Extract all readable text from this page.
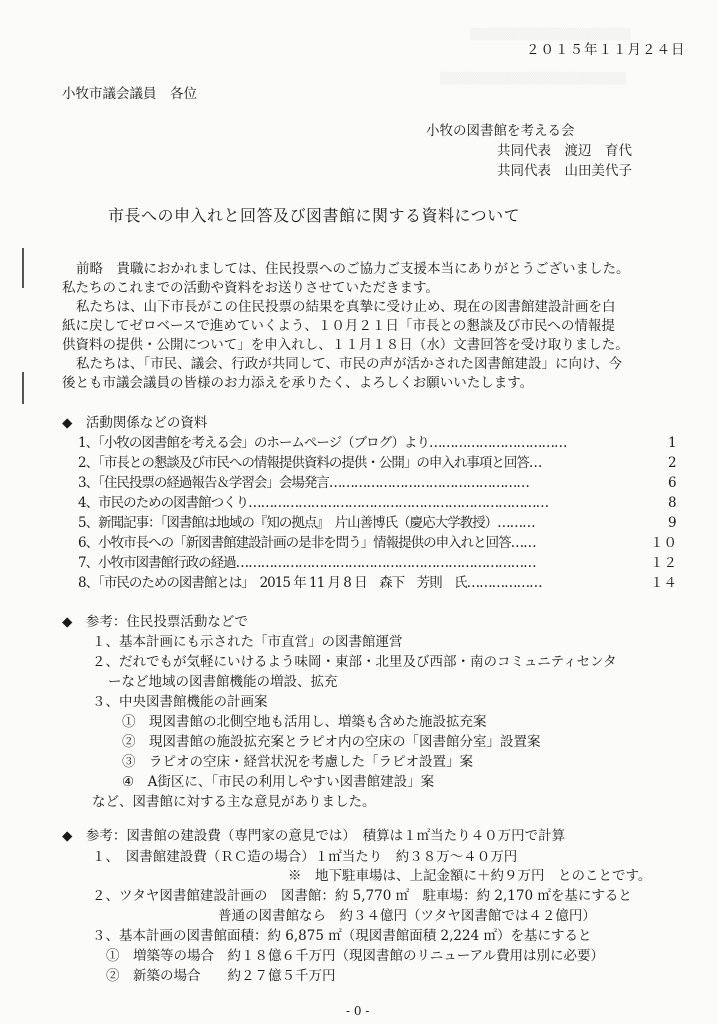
▒▒▒▒▒▒▒▒▒▒▒▒▒▒▒▒▒▒▒
▒▒▒▒▒▒▒▒▒▒▒▒▒▒▒▒▒▒▒▒▒▒
２０１５年１１月２４日
小牧市議会議員　各位
小牧の図書館を考える会
共同代表　渡辺　育代
共同代表　山田美代子
市長への申入れと回答及び図書館に関する資料について
前略　貴職におかれましては、住民投票へのご協力ご支援本当にありがとうございました。
私たちのこれまでの活動や資料をお送りさせていただきます。
私たちは、山下市長がこの住民投票の結果を真摯に受け止め、現在の図書館建設計画を白
紙に戻してゼロベースで進めていくよう、１０月２１日「市長との懇談及び市民への情報提
供資料の提供・公開について」を申入れし、１１月１８日（水）文書回答を受け取りました。
私たちは、「市民、議会、行政が共同して、市民の声が活かされた図書館建設」に向け、今
後とも市議会議員の皆様のお力添えを承りたく、よろしくお願いいたします。
◆　活動関係などの資料
1、「小牧の図書館を考える会」のホームページ（ブログ）より……………………………	1
2、「市長との懇談及び市民への情報提供資料の提供・公開」の申入れ事項と回答…	2
3、「住民投票の経過報告＆学習会」会場発言…………………………………………	6
4、市民のための図書館つくり………………………………………………………………	8
5、新聞記事：「図書館は地域の『知の拠点』　片山善博氏（慶応大学教授）………	9
6、小牧市長への「新図書館建設計画の是非を問う」情報提供の申入れと回答……	１０
7、小牧市図書館行政の経過………………………………………………………………	１２
8、「市民のための図書館とは」　2015 年 11 月 8 日　森下　芳則　氏………………	１４
◆　参考：住民投票活動などで
１、基本計画にも示された「市直営」の図書館運営
２、だれでもが気軽にいけるよう味岡・東部・北里及び西部・南のコミュニティセンタ
ーなど地域の図書館機能の増設、拡充
３、中央図書館機能の計画案
①　現図書館の北側空地も活用し、増築も含めた施設拡充案
②　現図書館の施設拡充案とラピオ内の空床の「図書館分室」設置案
③　ラピオの空床・経営状況を考慮した「ラピオ設置」案
④　A街区に、「市民の利用しやすい図書館建設」案
など、図書館に対する主な意見がありました。
◆　参考：図書館の建設費（専門家の意見では）　積算は１㎡当たり４０万円で計算
１、　図書館建設費（ＲＣ造の場合）１㎡当たり　約３８万～４０万円
※　地下駐車場は、上記金額に＋約９万円　とのことです。
２、ツタヤ図書館建設計画の　図書館：約 5,770 ㎡　駐車場：約 2,170 ㎡を基にすると
普通の図書館なら　約３４億円（ツタヤ図書館では４２億円）
３、基本計画の図書館面積：約 6,875 ㎡（現図書館面積 2,224 ㎡）を基にすると
①　増築等の場合　約１８億６千万円（現図書館のリニューアル費用は別に必要）
②　新築の場合　　約２７億５千万円
- 0 -
